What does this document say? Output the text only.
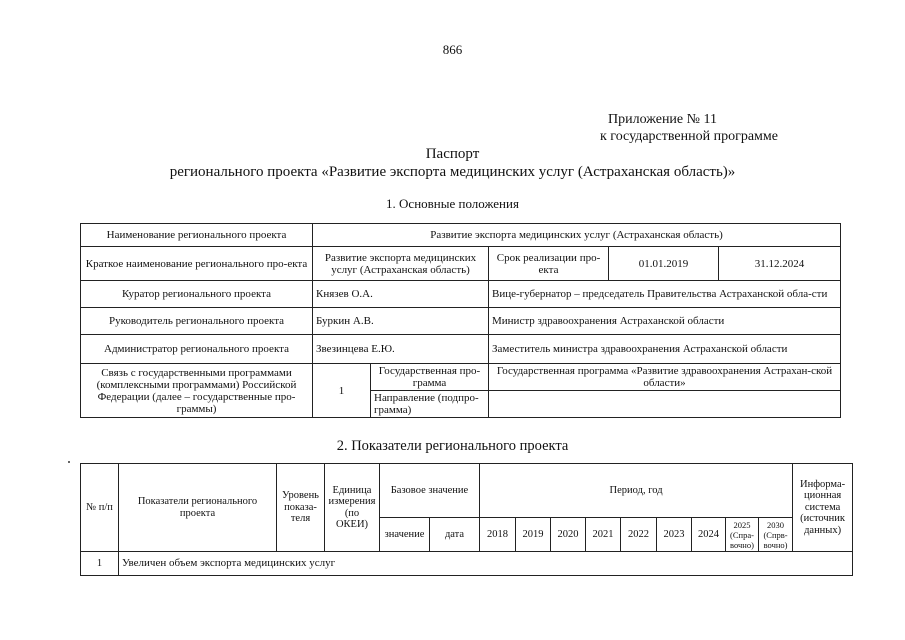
866
Приложение № 11
к государственной программе
Паспорт
регионального проекта «Развитие экспорта медицинских услуг (Астраханская область)»
1. Основные положения
Наименование регионального проекта	Развитие экспорта медицинских услуг (Астраханская область)				
Краткое наименование регионального про-екта	Развитие экспорта медицинских услуг (Астраханская область)		Срок реализации про-екта	01.01.2019	31.12.2024
Куратор регионального проекта	Князев О.А.		Вице-губернатор – председатель Правительства Астраханской обла-сти		
Руководитель регионального проекта	Буркин А.В.		Министр здравоохранения Астраханской области		
Администратор регионального проекта	Звезинцева Е.Ю.		Заместитель министра здравоохранения Астраханской области		
Связь с государственными программами (комплексными программами) Российской Федерации (далее – государственные про-граммы)	1	Государственная про-грамма	Государственная программа «Развитие здравоохранения Астрахан-ской области»		
		Направление (подпро-грамма)			
2. Показатели регионального проекта
№ п/п	Показатели регионального проекта	Уровень показа-теля	Единица измерения (по ОКЕИ)	Базовое значение		Период, год									Информа-ционная система (источник данных)
				значение	дата	2018	2019	2020	2021	2022	2023	2024	2025 (Спра-вочно)	2030 (Спрв-вочно)	
1	Увеличен объем экспорта медицинских услуг														
